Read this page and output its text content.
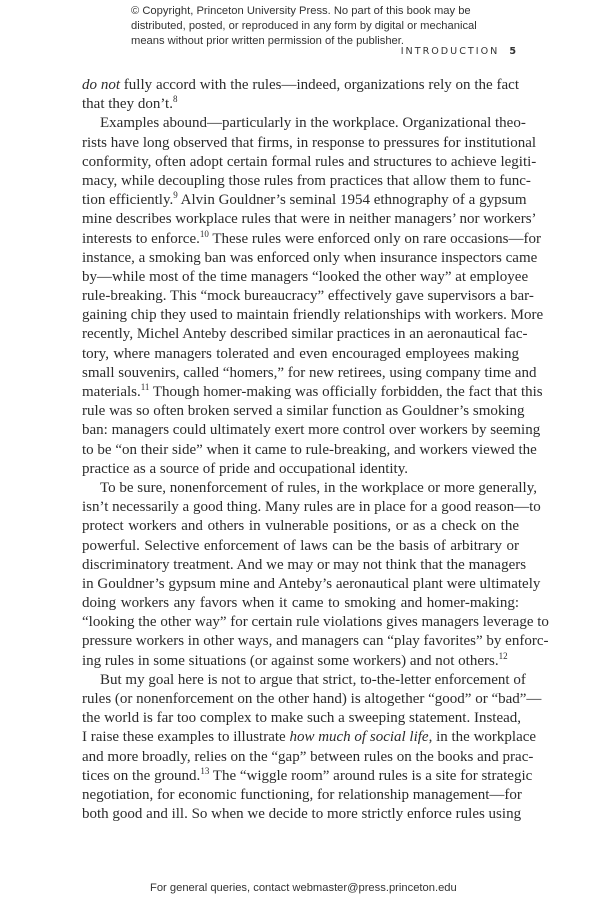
© Copyright, Princeton University Press. No part of this book may be
distributed, posted, or reproduced in any form by digital or mechanical
means without prior written permission of the publisher.
INTRODUCTION 5
do not fully accord with the rules—indeed, organizations rely on the fact
that they don’t.$^8$
Examples abound—particularly in the workplace. Organizational theo-
rists have long observed that firms, in response to pressures for institutional
conformity, often adopt certain formal rules and structures to achieve legiti-
macy, while decoupling those rules from practices that allow them to func-
tion efficiently.$^9$ Alvin Gouldner’s seminal 1954 ethnography of a gypsum
mine describes workplace rules that were in neither managers’ nor workers’
interests to enforce.$^{10}$ These rules were enforced only on rare occasions—for
instance, a smoking ban was enforced only when insurance inspectors came
by—while most of the time managers “looked the other way” at employee
rule-breaking. This “mock bureaucracy” effectively gave supervisors a bar-
gaining chip they used to maintain friendly relationships with workers. More
recently, Michel Anteby described similar practices in an aeronautical fac-
tory, where managers tolerated and even encouraged employees making
small souvenirs, called “homers,” for new retirees, using company time and
materials.$^{11}$ Though homer-making was officially forbidden, the fact that this
rule was so often broken served a similar function as Gouldner’s smoking
ban: managers could ultimately exert more control over workers by seeming
to be “on their side” when it came to rule-breaking, and workers viewed the
practice as a source of pride and occupational identity.
To be sure, nonenforcement of rules, in the workplace or more generally,
isn’t necessarily a good thing. Many rules are in place for a good reason—to
protect workers and others in vulnerable positions, or as a check on the
powerful. Selective enforcement of laws can be the basis of arbitrary or
discriminatory treatment. And we may or may not think that the managers
in Gouldner’s gypsum mine and Anteby’s aeronautical plant were ultimately
doing workers any favors when it came to smoking and homer-making:
“looking the other way” for certain rule violations gives managers leverage to
pressure workers in other ways, and managers can “play favorites” by enforc-
ing rules in some situations (or against some workers) and not others.$^{12}$
But my goal here is not to argue that strict, to-the-letter enforcement of
rules (or nonenforcement on the other hand) is altogether “good” or “bad”—
the world is far too complex to make such a sweeping statement. Instead,
I raise these examples to illustrate how much of social life, in the workplace
and more broadly, relies on the “gap” between rules on the books and prac-
tices on the ground.$^{13}$ The “wiggle room” around rules is a site for strategic
negotiation, for economic functioning, for relationship management—for
both good and ill. So when we decide to more strictly enforce rules using
For general queries, contact webmaster@press.princeton.edu
